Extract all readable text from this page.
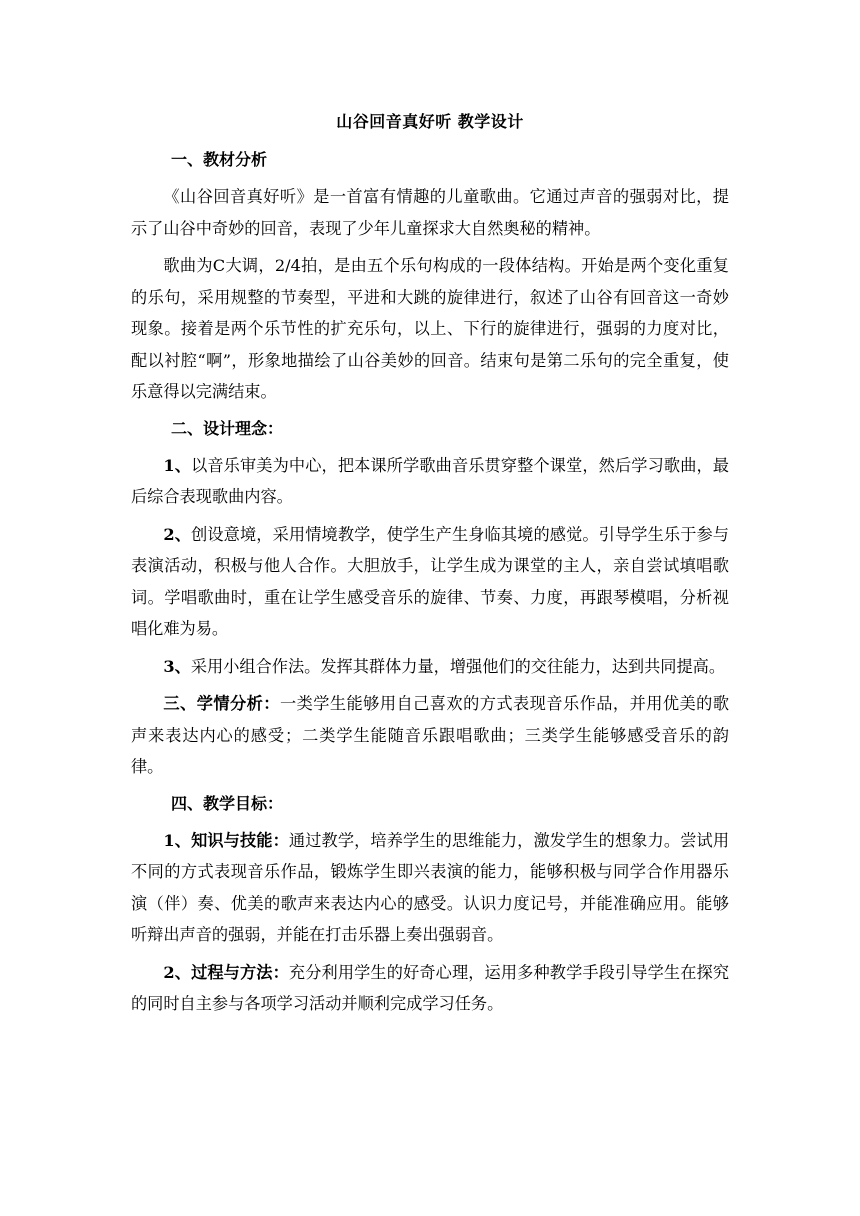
山谷回音真好听 教学设计
一、教材分析

《山谷回音真好听》是一首富有情趣的儿童歌曲。它通过声音的强弱对比，提示了山谷中奇妙的回音，表现了少年儿童探求大自然奥秘的精神。

歌曲为C大调，2/4拍，是由五个乐句构成的一段体结构。开始是两个变化重复的乐句，采用规整的节奏型，平进和大跳的旋律进行，叙述了山谷有回音这一奇妙现象。接着是两个乐节性的扩充乐句，以上、下行的旋律进行，强弱的力度对比，配以衬腔“啊”，形象地描绘了山谷美妙的回音。结束句是第二乐句的完全重复，使乐意得以完满结束。

二、设计理念：

1、以音乐审美为中心，把本课所学歌曲音乐贯穿整个课堂，然后学习歌曲，最后综合表现歌曲内容。

2、创设意境，采用情境教学，使学生产生身临其境的感觉。引导学生乐于参与表演活动，积极与他人合作。大胆放手，让学生成为课堂的主人，亲自尝试填唱歌词。学唱歌曲时，重在让学生感受音乐的旋律、节奏、力度，再跟琴模唱，分析视唱化难为易。

3、采用小组合作法。发挥其群体力量，增强他们的交往能力，达到共同提高。

三、学情分析：一类学生能够用自己喜欢的方式表现音乐作品，并用优美的歌声来表达内心的感受；二类学生能随音乐跟唱歌曲；三类学生能够感受音乐的韵律。

四、教学目标：

1、知识与技能：通过教学，培养学生的思维能力，激发学生的想象力。尝试用不同的方式表现音乐作品，锻炼学生即兴表演的能力，能够积极与同学合作用器乐演（伴）奏、优美的歌声来表达内心的感受。认识力度记号，并能准确应用。能够听辩出声音的强弱，并能在打击乐器上奏出强弱音。

2、过程与方法：充分利用学生的好奇心理，运用多种教学手段引导学生在探究的同时自主参与各项学习活动并顺利完成学习任务。
